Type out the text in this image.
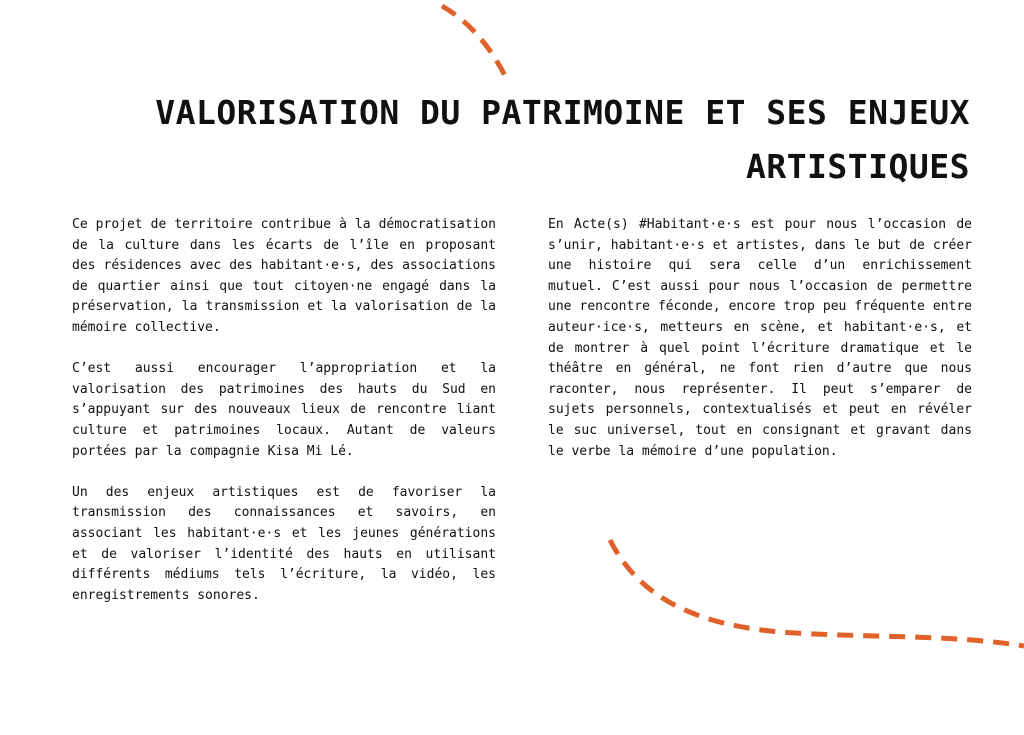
VALORISATION DU PATRIMOINE ET SES ENJEUX ARTISTIQUES

Ce projet de territoire contribue à la démocratisation de la culture dans les écarts de l’île en proposant des résidences avec des habitant·e·s, des associations de quartier ainsi que tout citoyen·ne engagé dans la préservation, la transmission et la valorisation de la mémoire collective.

C’est aussi encourager l’appropriation et la valorisation des patrimoines des hauts du Sud en s’appuyant sur des nouveaux lieux de rencontre liant culture et patrimoines locaux. Autant de valeurs portées par la compagnie Kisa Mi Lé.

Un des enjeux artistiques est de favoriser la transmission des connaissances et savoirs, en associant les habitant·e·s et les jeunes générations et de valoriser l’identité des hauts en utilisant différents médiums tels l’écriture, la vidéo, les enregistrements sonores.

En Acte(s) #Habitant·e·s est pour nous l’occasion de s’unir, habitant·e·s et artistes, dans le but de créer une histoire qui sera celle d’un enrichissement mutuel. C’est aussi pour nous l’occasion de permettre une rencontre féconde, encore trop peu fréquente entre auteur·ice·s, metteurs en scène, et habitant·e·s, et de montrer à quel point l’écriture dramatique et le théâtre en général, ne font rien d’autre que nous raconter, nous représenter. Il peut s’emparer de sujets personnels, contextualisés et peut en révéler le suc universel, tout en consignant et gravant dans le verbe la mémoire d’une population.
